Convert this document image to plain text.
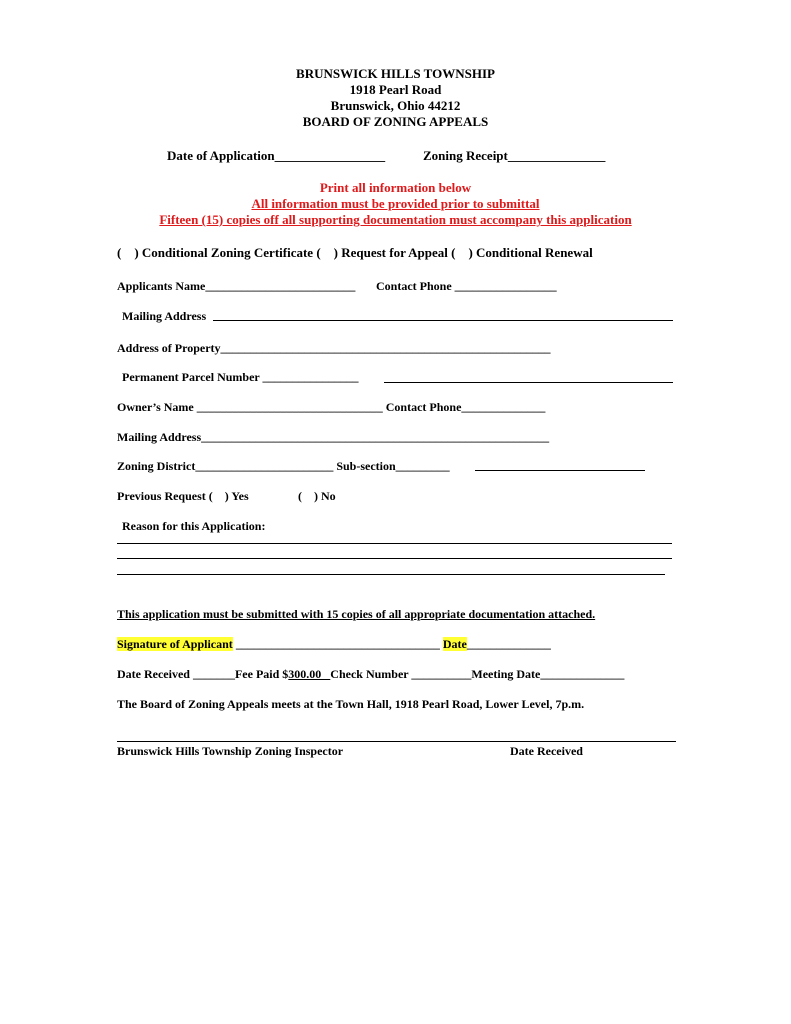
BRUNSWICK HILLS TOWNSHIP
1918 Pearl Road
Brunswick, Ohio 44212
BOARD OF ZONING APPEALS
Date of Application_________________	Zoning Receipt_______________
Print all information below
All information must be provided prior to submittal
Fifteen (15) copies off all supporting documentation must accompany this application
(    ) Conditional Zoning Certificate (    ) Request for Appeal (    ) Conditional Renewal
Applicants Name_________________________ Contact Phone _________________
Mailing Address
Address of Property_______________________________________________________
Permanent Parcel Number ________________
Owner’s Name _______________________________ Contact Phone______________
Mailing Address__________________________________________________________
Zoning District_______________________ Sub-section_________
Previous Request (    ) Yes	(    ) No
Reason for this Application:
This application must be submitted with 15 copies of all appropriate documentation attached.
Signature of Applicant __________________________________ Date______________
Date Received _______Fee Paid $300.00   Check Number __________Meeting Date______________
The Board of Zoning Appeals meets at the Town Hall, 1918 Pearl Road, Lower Level, 7p.m.
Brunswick Hills Township Zoning Inspector	Date Received
